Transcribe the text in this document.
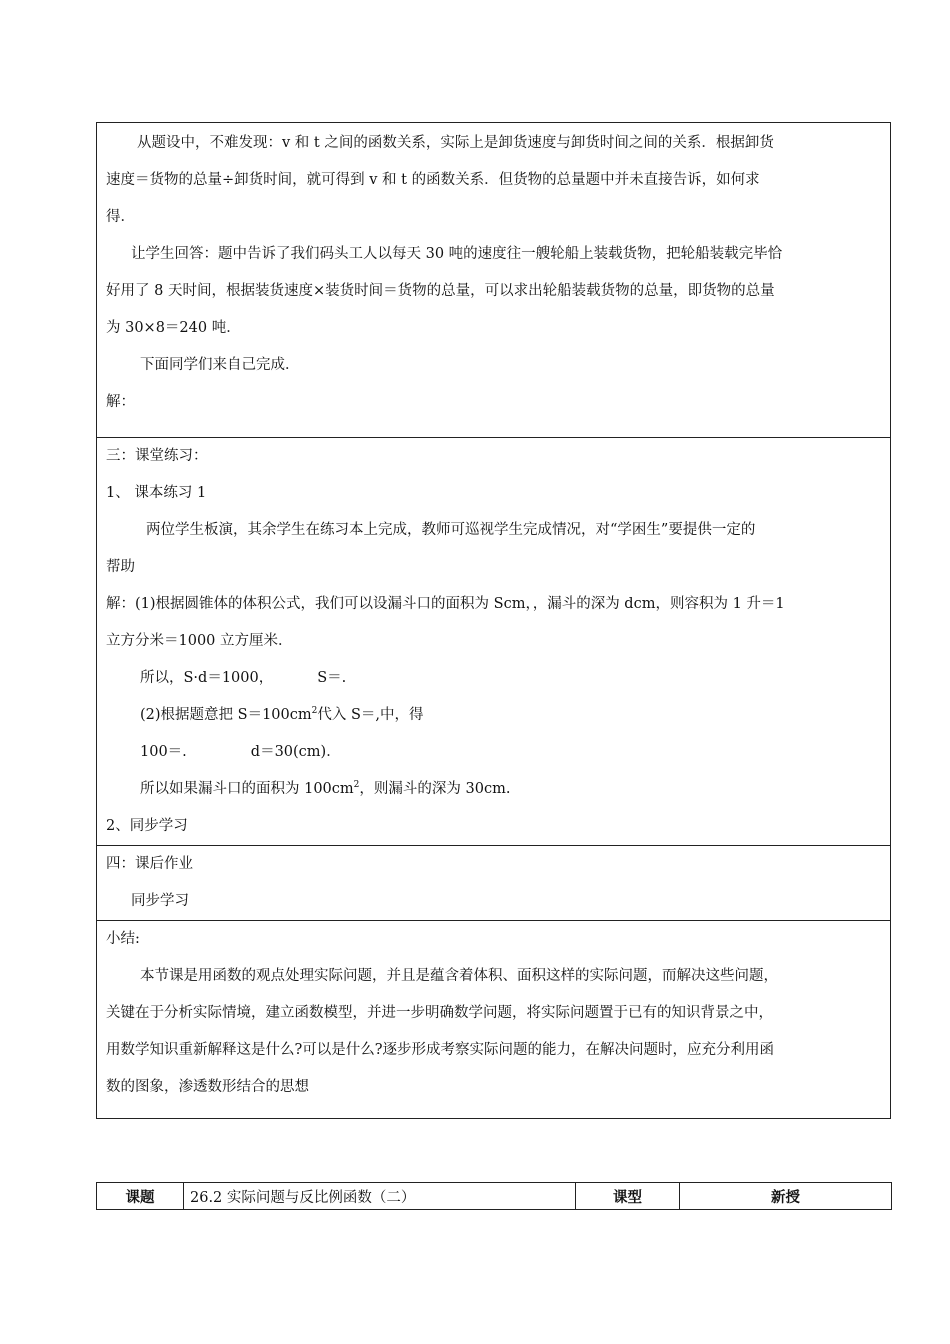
从题设中，不难发现：v 和 t 之间的函数关系，实际上是卸货速度与卸货时间之间的关系．根据卸货
速度＝货物的总量÷卸货时间，就可得到 v 和 t 的函数关系．但货物的总量题中并未直接告诉，如何求
得．
让学生回答：题中告诉了我们码头工人以每天 30 吨的速度往一艘轮船上装载货物，把轮船装载完毕恰
好用了 8 天时间，根据装货速度×装货时间＝货物的总量，可以求出轮船装载货物的总量，即货物的总量
为 30×8＝240 吨．
下面同学们来自己完成．
解：

三：课堂练习：
1、 课本练习 1
两位学生板演，其余学生在练习本上完成，教师可巡视学生完成情况，对“学困生”要提供一定的
帮助
解：(1)根据圆锥体的体积公式，我们可以设漏斗口的面积为 Scm，，漏斗的深为 dcm，则容积为 1 升＝1
立方分米＝1000 立方厘米．
所以，S·d＝1000，	S＝.
(2)根据题意把 $S=100cm^2$代入 S＝,中，得
100＝.	d＝30(cm)．
所以如果漏斗口的面积为 $100cm^2$，则漏斗的深为 30cm.
2、同步学习

四：课后作业
同步学习

小结:
本节课是用函数的观点处理实际问题，并且是蕴含着体积、面积这样的实际问题，而解决这些问题，
关键在于分析实际情境，建立函数模型，并进一步明确数学问题，将实际问题置于已有的知识背景之中，
用数学知识重新解释这是什么?可以是什么?逐步形成考察实际问题的能力，在解决问题时，应充分利用函
数的图象，渗透数形结合的思想
课题	26.2 实际问题与反比例函数（二）	课型	新授
